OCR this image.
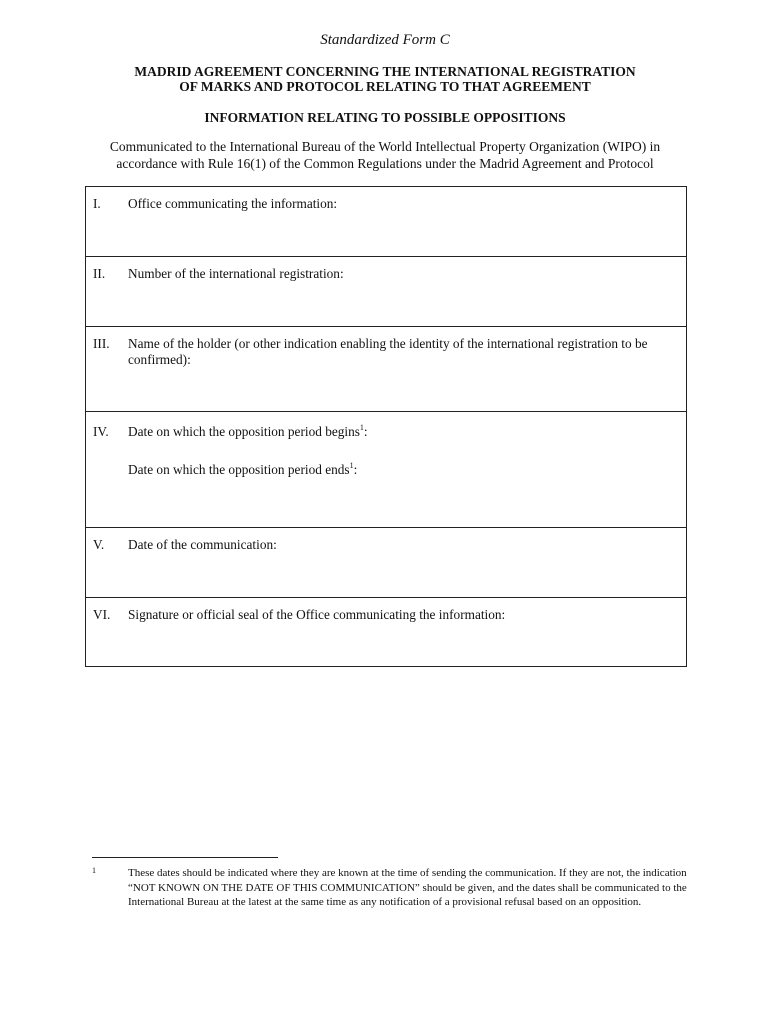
Standardized Form C
MADRID AGREEMENT CONCERNING THE INTERNATIONAL REGISTRATION
OF MARKS AND PROTOCOL RELATING TO THAT AGREEMENT
INFORMATION RELATING TO POSSIBLE OPPOSITIONS
Communicated to the International Bureau of the World Intellectual Property Organization (WIPO) in
accordance with Rule 16(1) of the Common Regulations under the Madrid Agreement and Protocol
I. Office communicating the information:
II. Number of the international registration:
III. Name of the holder (or other indication enabling the identity of the international registration to be confirmed):
IV. Date on which the opposition period begins$^1$:
Date on which the opposition period ends$^1$:
V. Date of the communication:
VI. Signature or official seal of the Office communicating the information:
1	These dates should be indicated where they are known at the time of sending the communication. If they are not, the indication “NOT KNOWN ON THE DATE OF THIS COMMUNICATION” should be given, and the dates shall be communicated to the International Bureau at the latest at the same time as any notification of a provisional refusal based on an opposition.
